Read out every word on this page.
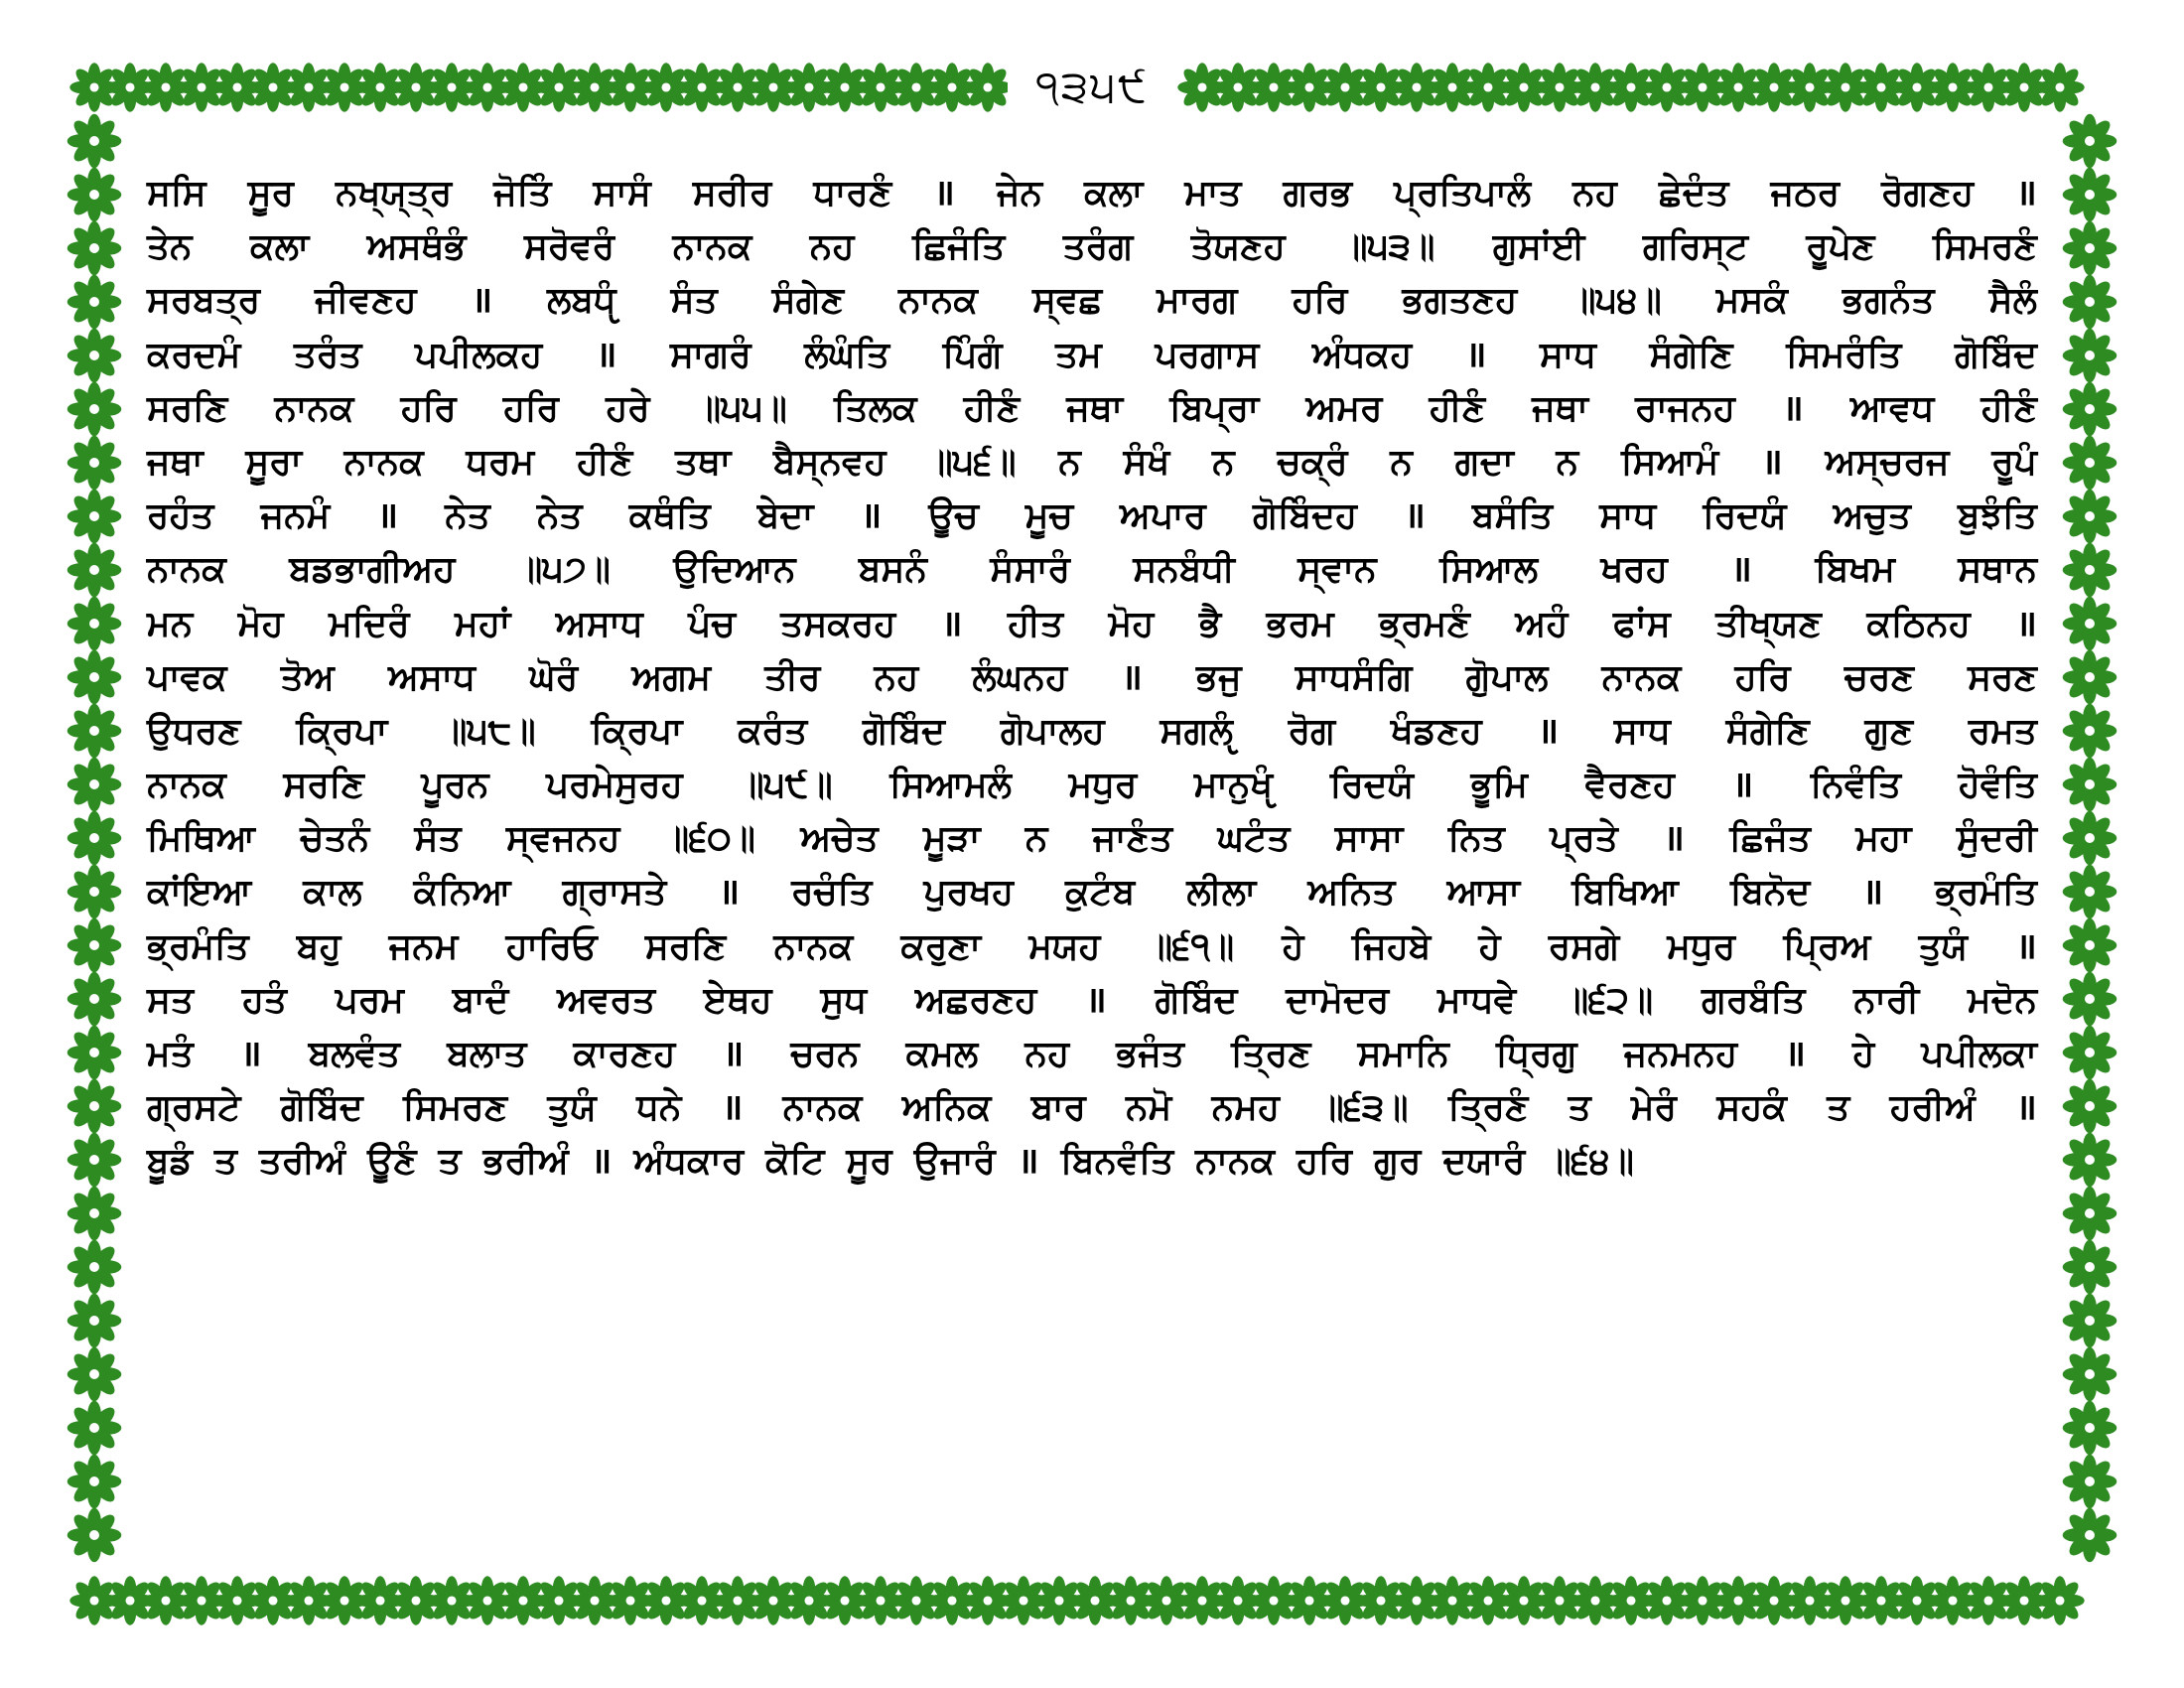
੧੩੫੯
ਸਸਿ ਸੂਰ ਨਖ੍ਯ੍ਤ੍ਰ ਜੋਤਿੰ ਸਾਸੰ ਸਰੀਰ ਧਾਰਣੰ ॥ ਜੇਨ ਕਲਾ ਮਾਤ ਗਰਭ ਪ੍ਰਤਿਪਾਲੰ ਨਹ ਛੇਦੰਤ ਜਠਰ ਰੋਗਣਹ ॥
ਤੇਨ ਕਲਾ ਅਸਥੰਭੰ ਸਰੋਵਰੰ ਨਾਨਕ ਨਹ ਛਿਜੰਤਿ ਤਰੰਗ ਤੋਯਣਹ ॥੫੩॥ ਗੁਸਾਂਈ ਗਰਿਸ੍ਟ ਰੂਪੇਣ ਸਿਮਰਣੰ
ਸਰਬਤ੍ਰ ਜੀਵਣਹ ॥ ਲਬਧੵੰ ਸੰਤ ਸੰਗੇਣ ਨਾਨਕ ਸ੍ਵਛ ਮਾਰਗ ਹਰਿ ਭਗਤਣਹ ॥੫੪॥ ਮਸਕੰ ਭਗਨੰਤ ਸੈਲੰ
ਕਰਦਮੰ ਤਰੰਤ ਪਪੀਲਕਹ ॥ ਸਾਗਰੰ ਲੰਘੰਤਿ ਪਿੰਗੰ ਤਮ ਪਰਗਾਸ ਅੰਧਕਹ ॥ ਸਾਧ ਸੰਗੇਣਿ ਸਿਮਰੰਤਿ ਗੋਬਿੰਦ
ਸਰਣਿ ਨਾਨਕ ਹਰਿ ਹਰਿ ਹਰੇ ॥੫੫॥ ਤਿਲਕ ਹੀਣੰ ਜਥਾ ਬਿਪ੍ਰਾ ਅਮਰ ਹੀਣੰ ਜਥਾ ਰਾਜਨਹ ॥ ਆਵਧ ਹੀਣੰ
ਜਥਾ ਸੂਰਾ ਨਾਨਕ ਧਰਮ ਹੀਣੰ ਤਥਾ ਬੈਸ੍ਨਵਹ ॥੫੬॥ ਨ ਸੰਖੰ ਨ ਚਕ੍ਰੰ ਨ ਗਦਾ ਨ ਸਿਆਮੰ ॥ ਅਸ੍ਚਰਜ ਰੂਪੰ
ਰਹੰਤ ਜਨਮੰ ॥ ਨੇਤ ਨੇਤ ਕਥੰਤਿ ਬੇਦਾ ॥ ਊਚ ਮੂਚ ਅਪਾਰ ਗੋਬਿੰਦਹ ॥ ਬਸੰਤਿ ਸਾਧ ਰਿਦਯੰ ਅਚੁਤ ਬੁਝੰਤਿ
ਨਾਨਕ ਬਡਭਾਗੀਅਹ ॥੫੭॥ ਉਦਿਆਨ ਬਸਨੰ ਸੰਸਾਰੰ ਸਨਬੰਧੀ ਸ੍ਵਾਨ ਸਿਆਲ ਖਰਹ ॥ ਬਿਖਮ ਸਥਾਨ
ਮਨ ਮੋਹ ਮਦਿਰੰ ਮਹਾਂ ਅਸਾਧ ਪੰਚ ਤਸਕਰਹ ॥ ਹੀਤ ਮੋਹ ਭੈ ਭਰਮ ਭ੍ਰਮਣੰ ਅਹੰ ਫਾਂਸ ਤੀਖ੍ਯਣ ਕਠਿਨਹ ॥
ਪਾਵਕ ਤੋਅ ਅਸਾਧ ਘੋਰੰ ਅਗਮ ਤੀਰ ਨਹ ਲੰਘਨਹ ॥ ਭਜੁ ਸਾਧਸੰਗਿ ਗੁੋਪਾਲ ਨਾਨਕ ਹਰਿ ਚਰਣ ਸਰਣ
ਉਧਰਣ ਕ੍ਰਿਪਾ ॥੫੮॥ ਕ੍ਰਿਪਾ ਕਰੰਤ ਗੋਬਿੰਦ ਗੋਪਾਲਹ ਸਗਲੵੰ ਰੋਗ ਖੰਡਣਹ ॥ ਸਾਧ ਸੰਗੇਣਿ ਗੁਣ ਰਮਤ
ਨਾਨਕ ਸਰਣਿ ਪੂਰਨ ਪਰਮੇਸੁਰਹ ॥੫੯॥ ਸਿਆਮਲੰ ਮਧੁਰ ਮਾਨੁਖੵੰ ਰਿਦਯੰ ਭੂਮਿ ਵੈਰਣਹ ॥ ਨਿਵੰਤਿ ਹੋਵੰਤਿ
ਮਿਥਿਆ ਚੇਤਨੰ ਸੰਤ ਸ੍ਵਜਨਹ ॥੬੦॥ ਅਚੇਤ ਮੂੜਾ ਨ ਜਾਣੰਤ ਘਟੰਤ ਸਾਸਾ ਨਿਤ ਪ੍ਰਤੇ ॥ ਛਿਜੰਤ ਮਹਾ ਸੁੰਦਰੀ
ਕਾਂਇਆ ਕਾਲ ਕੰਨਿਆ ਗ੍ਰਾਸਤੇ ॥ ਰਚੰਤਿ ਪੁਰਖਹ ਕੁਟੰਬ ਲੀਲਾ ਅਨਿਤ ਆਸਾ ਬਿਖਿਆ ਬਿਨੋਦ ॥ ਭ੍ਰਮੰਤਿ
ਭ੍ਰਮੰਤਿ ਬਹੁ ਜਨਮ ਹਾਰਿਓ ਸਰਣਿ ਨਾਨਕ ਕਰੁਣਾ ਮਯਹ ॥੬੧॥ ਹੇ ਜਿਹਬੇ ਹੇ ਰਸਗੇ ਮਧੁਰ ਪ੍ਰਿਅ ਤੁਯੰ ॥
ਸਤ ਹਤੰ ਪਰਮ ਬਾਦੰ ਅਵਰਤ ਏਥਹ ਸੁਧ ਅਛਰਣਹ ॥ ਗੋਬਿੰਦ ਦਾਮੋਦਰ ਮਾਧਵੇ ॥੬੨॥ ਗਰਬੰਤਿ ਨਾਰੀ ਮਦੋਨ
ਮਤੰ ॥ ਬਲਵੰਤ ਬਲਾਤ ਕਾਰਣਹ ॥ ਚਰਨ ਕਮਲ ਨਹ ਭਜੰਤ ਤ੍ਰਿਣ ਸਮਾਨਿ ਧ੍ਰਿਗੁ ਜਨਮਨਹ ॥ ਹੇ ਪਪੀਲਕਾ
ਗ੍ਰਸਟੇ ਗੋਬਿੰਦ ਸਿਮਰਣ ਤੁਯੰ ਧਨੇ ॥ ਨਾਨਕ ਅਨਿਕ ਬਾਰ ਨਮੋ ਨਮਹ ॥੬੩॥ ਤ੍ਰਿਣੰ ਤ ਮੇਰੰ ਸਹਕੰ ਤ ਹਰੀਅੰ ॥
ਬੂਡੰ ਤ ਤਰੀਅੰ ਊਣੰ ਤ ਭਰੀਅੰ ॥ ਅੰਧਕਾਰ ਕੋਟਿ ਸੂਰ ਉਜਾਰੰ ॥ ਬਿਨਵੰਤਿ ਨਾਨਕ ਹਰਿ ਗੁਰ ਦਯਾਰੰ ॥੬੪॥
